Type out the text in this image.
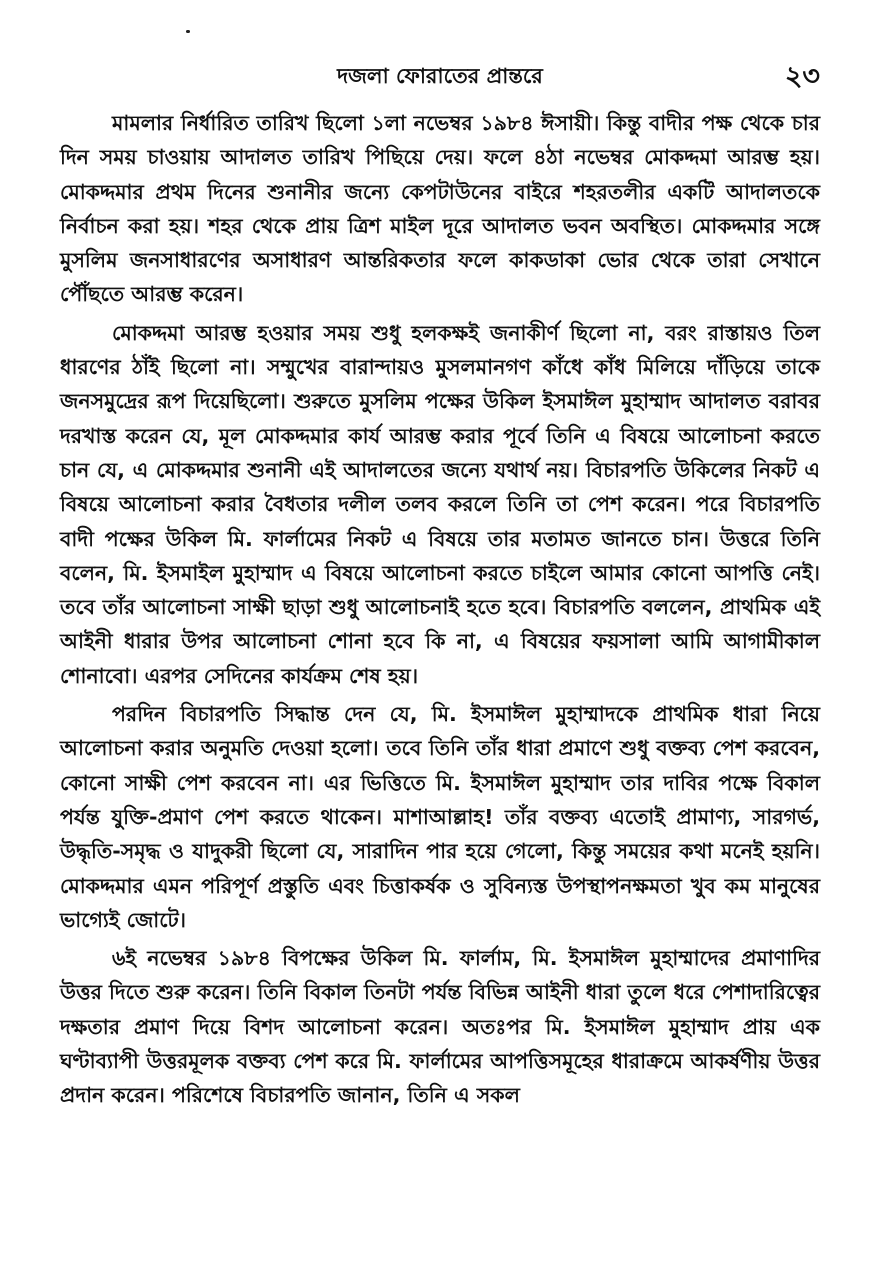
দজলা ফোরাতের প্রান্তরে	২৩

মামলার নির্ধারিত তারিখ ছিলো ১লা নভেম্বর ১৯৮৪ ঈসায়ী। কিন্তু বাদীর পক্ষ থেকে চার দিন সময় চাওয়ায় আদালত তারিখ পিছিয়ে দেয়। ফলে ৪ঠা নভেম্বর মোকদ্দমা আরম্ভ হয়। মোকদ্দমার প্রথম দিনের শুনানীর জন্যে কেপটাউনের বাইরে শহরতলীর একটি আদালতকে নির্বাচন করা হয়। শহর থেকে প্রায় ত্রিশ মাইল দূরে আদালত ভবন অবস্থিত। মোকদ্দমার সঙ্গে মুসলিম জনসাধারণের অসাধারণ আন্তরিকতার ফলে কাকডাকা ভোর থেকে তারা সেখানে পৌঁছতে আরম্ভ করেন।

মোকদ্দমা আরম্ভ হওয়ার সময় শুধু হলকক্ষই জনাকীর্ণ ছিলো না, বরং রাস্তায়ও তিল ধারণের ঠাঁই ছিলো না। সম্মুখের বারান্দায়ও মুসলমানগণ কাঁধে কাঁধ মিলিয়ে দাঁড়িয়ে তাকে জনসমুদ্রের রূপ দিয়েছিলো। শুরুতে মুসলিম পক্ষের উকিল ইসমাঈল মুহাম্মাদ আদালত বরাবর দরখাস্ত করেন যে, মূল মোকদ্দমার কার্য আরম্ভ করার পূর্বে তিনি এ বিষয়ে আলোচনা করতে চান যে, এ মোকদ্দমার শুনানী এই আদালতের জন্যে যথার্থ নয়। বিচারপতি উকিলের নিকট এ বিষয়ে আলোচনা করার বৈধতার দলীল তলব করলে তিনি তা পেশ করেন। পরে বিচারপতি বাদী পক্ষের উকিল মি. ফার্লামের নিকট এ বিষয়ে তার মতামত জানতে চান। উত্তরে তিনি বলেন, মি. ইসমাইল মুহাম্মাদ এ বিষয়ে আলোচনা করতে চাইলে আমার কোনো আপত্তি নেই। তবে তাঁর আলোচনা সাক্ষী ছাড়া শুধু আলোচনাই হতে হবে। বিচারপতি বললেন, প্রাথমিক এই আইনী ধারার উপর আলোচনা শোনা হবে কি না, এ বিষয়ের ফয়সালা আমি আগামীকাল শোনাবো। এরপর সেদিনের কার্যক্রম শেষ হয়।

পরদিন বিচারপতি সিদ্ধান্ত দেন যে, মি. ইসমাঈল মুহাম্মাদকে প্রাথমিক ধারা নিয়ে আলোচনা করার অনুমতি দেওয়া হলো। তবে তিনি তাঁর ধারা প্রমাণে শুধু বক্তব্য পেশ করবেন, কোনো সাক্ষী পেশ করবেন না। এর ভিত্তিতে মি. ইসমাঈল মুহাম্মাদ তার দাবির পক্ষে বিকাল পর্যন্ত যুক্তি-প্রমাণ পেশ করতে থাকেন। মাশাআল্লাহ! তাঁর বক্তব্য এতোই প্রামাণ্য, সারগর্ভ, উদ্ধৃতি-সমৃদ্ধ ও যাদুকরী ছিলো যে, সারাদিন পার হয়ে গেলো, কিন্তু সময়ের কথা মনেই হয়নি। মোকদ্দমার এমন পরিপূর্ণ প্রস্তুতি এবং চিত্তাকর্ষক ও সুবিন্যস্ত উপস্থাপনক্ষমতা খুব কম মানুষের ভাগ্যেই জোটে।

৬ই নভেম্বর ১৯৮৪ বিপক্ষের উকিল মি. ফার্লাম, মি. ইসমাঈল মুহাম্মাদের প্রমাণাদির উত্তর দিতে শুরু করেন। তিনি বিকাল তিনটা পর্যন্ত বিভিন্ন আইনী ধারা তুলে ধরে পেশাদারিত্বের দক্ষতার প্রমাণ দিয়ে বিশদ আলোচনা করেন। অতঃপর মি. ইসমাঈল মুহাম্মাদ প্রায় এক ঘণ্টাব্যাপী উত্তরমূলক বক্তব্য পেশ করে মি. ফার্লামের আপত্তিসমূহের ধারাক্রমে আকর্ষণীয় উত্তর প্রদান করেন। পরিশেষে বিচারপতি জানান, তিনি এ সকল
